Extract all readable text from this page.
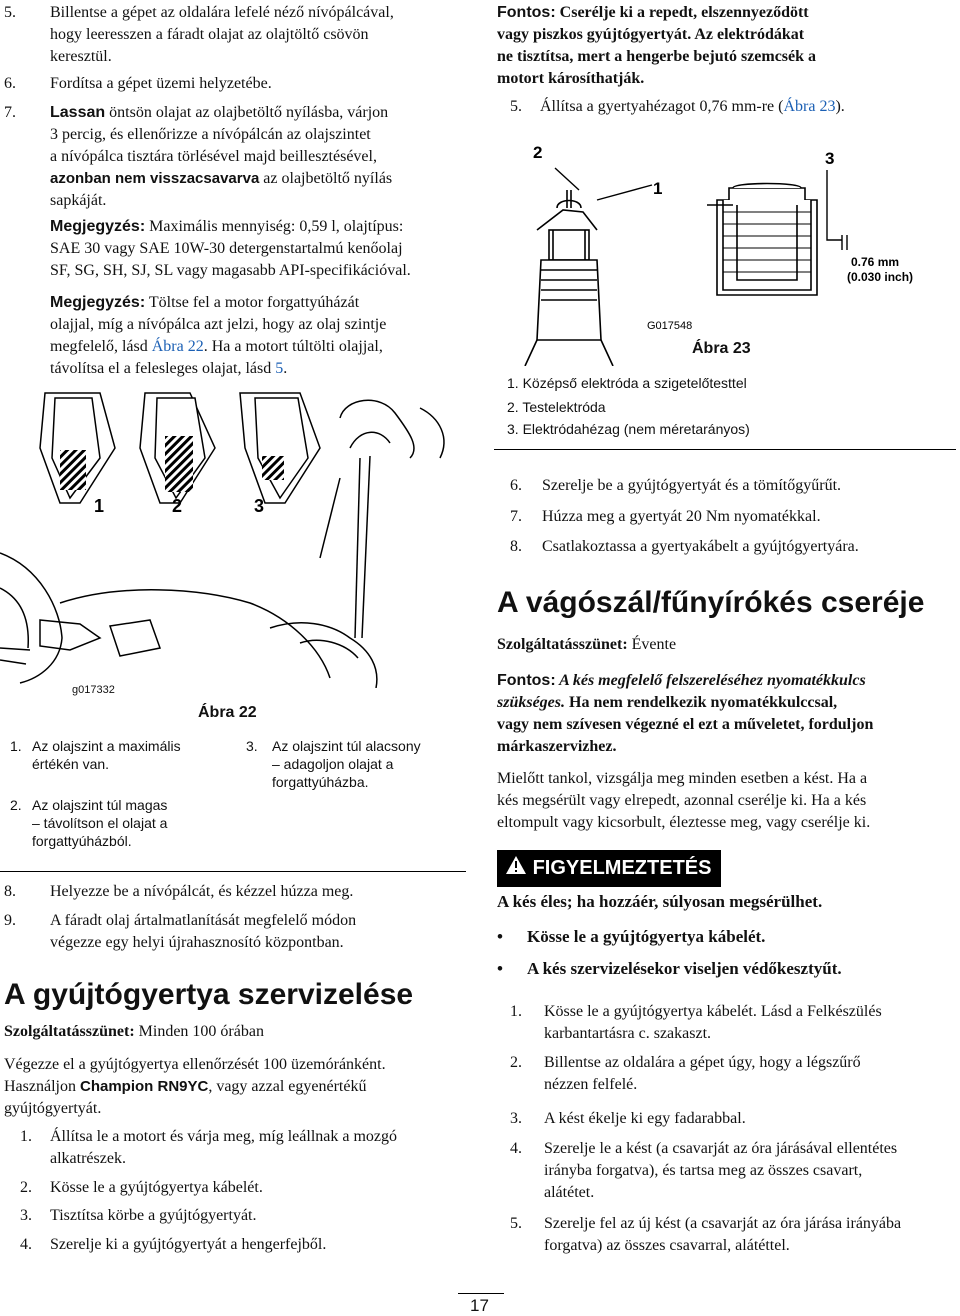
5. Billentse a gépet az oldalára lefelé néző nívópálcával,
hogy leeresszen a fáradt olajat az olajtöltő csövön
keresztül.
6. Fordítsa a gépet üzemi helyzetébe.
7. Lassan öntsön olajat az olajbetöltő nyílásba, várjon
3 percig, és ellenőrizze a nívópálcán az olajszintet
a nívópálca tisztára törlésével majd beillesztésével,
azonban nem visszacsavarva az olajbetöltő nyílás
sapkáját.
Megjegyzés: Maximális mennyiség: 0,59 l, olajtípus:
SAE 30 vagy SAE 10W-30 detergenstartalmú kenőolaj
SF, SG, SH, SJ, SL vagy magasabb API-specifikációval.
Megjegyzés: Töltse fel a motor forgattyúházát
olajjal, míg a nívópálca azt jelzi, hogy az olaj szintje
megfelelő, lásd Ábra 22. Ha a motort túltölti olajjal,
távolítsa el a felesleges olajat, lásd 5.
1	2	3
g017332
Ábra 22
1. Az olajszint a maximális
értékén van.
2. Az olajszint túl magas
– távolítson el olajat a
forgattyúházból.
3. Az olajszint túl alacsony
– adagoljon olajat a
forgattyúházba.
8. Helyezze be a nívópálcát, és kézzel húzza meg.
9. A fáradt olaj ártalmatlanítását megfelelő módon
végezze egy helyi újrahasznosító központban.
A gyújtógyertya szervizelése
Szolgáltatásszünet: Minden 100 órában
Végezze el a gyújtógyertya ellenőrzését 100 üzemóránként.
Használjon Champion RN9YC, vagy azzal egyenértékű
gyújtógyertyát.
1. Állítsa le a motort és várja meg, míg leállnak a mozgó
alkatrészek.
2. Kösse le a gyújtógyertya kábelét.
3. Tisztítsa körbe a gyújtógyertyát.
4. Szerelje ki a gyújtógyertyát a hengerfejből.
Fontos: Cserélje ki a repedt, elszennyeződött
vagy piszkos gyújtógyertyát. Az elektródákat
ne tisztítsa, mert a hengerbe bejutó szemcsék a
motort károsíthatják.
5. Állítsa a gyertyahézagot 0,76 mm-re (Ábra 23).
2
1
3
0.76 mm
(0.030 inch)
G017548
Ábra 23
1. Középső elektróda a szigetelőtesttel
2. Testelektróda
3. Elektródahézag (nem méretarányos)
6. Szerelje be a gyújtógyertyát és a tömítőgyűrűt.
7. Húzza meg a gyertyát 20 Nm nyomatékkal.
8. Csatlakoztassa a gyertyakábelt a gyújtógyertyára.
A vágószál/fűnyírókés cseréje
Szolgáltatásszünet: Évente
Fontos: A kés megfelelő felszereléséhez nyomatékkulcs
szükséges. Ha nem rendelkezik nyomatékkulccsal,
vagy nem szívesen végezné el ezt a műveletet, forduljon
márkaszervizhez.
Mielőtt tankol, vizsgálja meg minden esetben a kést. Ha a
kés megsérült vagy elrepedt, azonnal cserélje ki. Ha a kés
eltompult vagy kicsorbult, éleztesse meg, vagy cserélje ki.
FIGYELMEZTETÉS
A kés éles; ha hozzáér, súlyosan megsérülhet.
• Kösse le a gyújtógyertya kábelét.
• A kés szervizelésekor viseljen védőkesztyűt.
1. Kösse le a gyújtógyertya kábelét. Lásd a Felkészülés
karbantartásra c. szakaszt.
2. Billentse az oldalára a gépet úgy, hogy a légszűrő
nézzen felfelé.
3. A kést ékelje ki egy fadarabbal.
4. Szerelje le a kést (a csavarját az óra járásával ellentétes
irányba forgatva), és tartsa meg az összes csavart,
alátétet.
5. Szerelje fel az új kést (a csavarját az óra járása irányába
forgatva) az összes csavarral, alátéttel.
17
